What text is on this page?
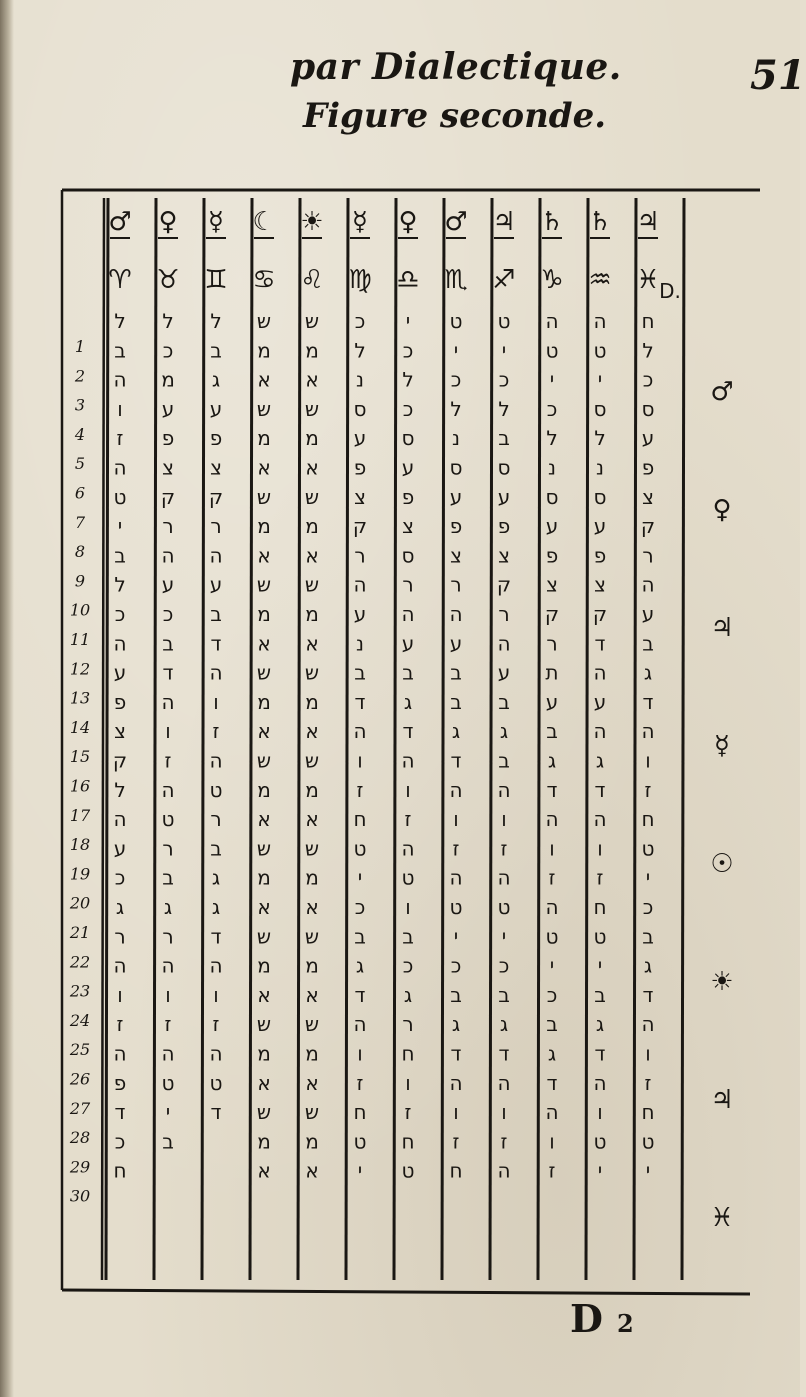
par Dialectique.
Figure seconde.
51
♃
♓
♄
♒
♄
♑
♃
♐
♂
♏
♀
♎
☿
♍
☀
♌
☾
♋
☿
♊
♀
♉
♂
♈	D.
ח
ל
כ
ס
ע
פ
צ
ק
ר
ה
ע
ב
ג
ד
ה
ו
ז
ח
ט
י
כ
ב
ג
ד
ה
ו
ז
ח
ט
י
ה
ט
י
ס
ל
נ
ס
ע
פ
צ
ק
ד
ה
ע
ה
ג
ד
ה
ו
ז
ח
ט
י
ב
ג
ד
ה
ו
ט
י
ה
ט
י
כ
ל
נ
ס
ע
פ
צ
ק
ר
ת
ע
ב
ג
ד
ה
ו
ז
ה
ט
י
כ
ב
ג
ד
ה
ו
ז
ט
י
כ
ל
ב
ס
ע
פ
צ
ק
ר
ה
ע
ב
ג
ב
ה
ו
ז
ה
ט
י
כ
ב
ג
ד
ה
ו
ז
ה
ט
י
כ
ל
נ
ס
ע
פ
צ
ר
ה
ע
ב
ב
ג
ד
ה
ו
ז
ה
ט
י
כ
ב
ג
ד
ה
ו
ז
ח
י
כ
ל
כ
ס
ע
פ
צ
ס
ר
ה
ע
ב
ג
ד
ה
ו
ז
ה
ט
ו
ב
כ
ג
ר
ח
ו
ז
ח
ט
כ
ל
נ
ס
ע
פ
צ
ק
ר
ה
ע
נ
ב
ד
ה
ו
ז
ח
ט
י
כ
ב
ג
ד
ה
ו
ז
ח
ט
י
ש
מ
א
ש
מ
א
ש
מ
א
ש
מ
א
ש
מ
א
ש
מ
א
ש
מ
א
ש
מ
א
ש
מ
א
ש
מ
א
ש
מ
א
ש
מ
א
ש
מ
א
ש
מ
א
ש
מ
א
ש
מ
א
ש
מ
א
ש
מ
א
ש
מ
א
ש
מ
א
ל
ב
ג
ע
פ
צ
ק
ר
ה
ע
ב
ד
ה
ו
ז
ה
ט
ר
ב
ג
ג
ד
ה
ו
ז
ה
ט
ד
ל
כ
מ
ע
פ
צ
ק
ר
ה
ע
כ
ב
ד
ה
ו
ז
ה
ט
ר
ב
ג
ר
ה
ו
ז
ה
ט
י
ב
ל
ב
ה
ו
ז
ה
ט
י
ב
ל
כ
ה
ע
פ
צ
ק
ל
ה
ע
כ
ג
ר
ה
ו
ז
ה
פ
ד
כ
ח
1
2
3
4
5
6
7
8
9
10
11
12
13
14
15
16
17
18
19
20
21
22
23
24
25
26
27
28
29
30
♂
♀
♃
☿
☉
☀
♃
♓
D 2
